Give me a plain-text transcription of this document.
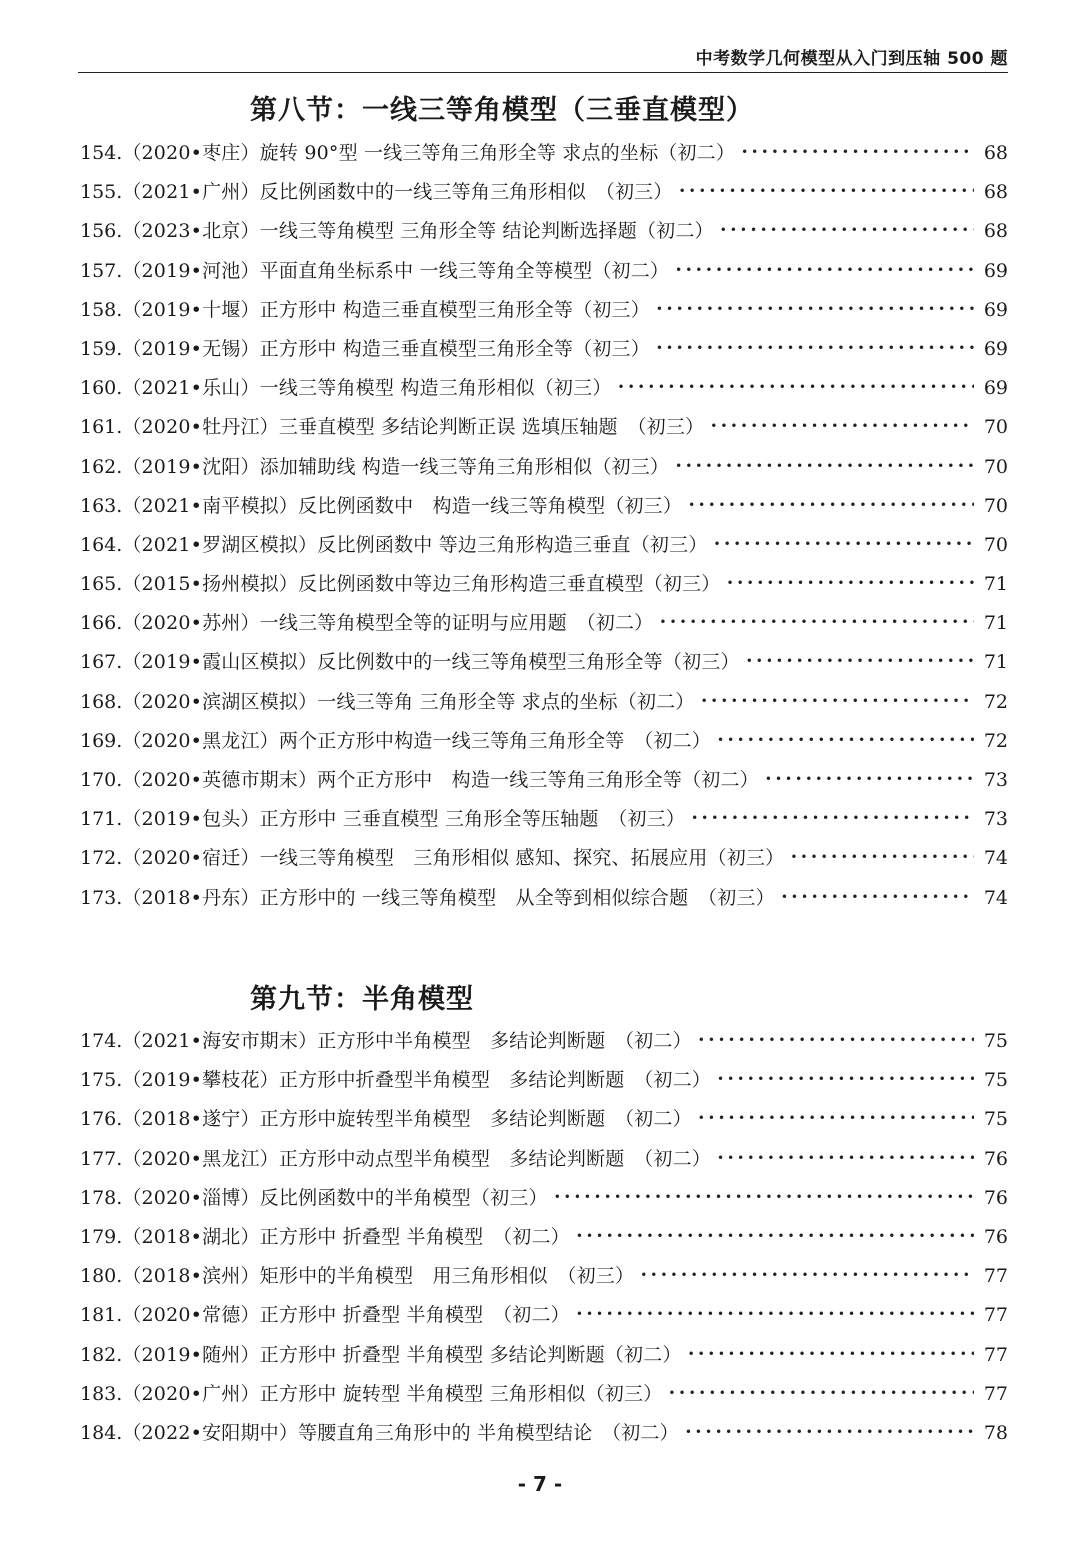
中考数学几何模型从入门到压轴 500 题
第八节：一线三等角模型（三垂直模型）
154. （2020•枣庄）旋转 90°型 一线三等角三角形全等 求点的坐标（初二） •••••	68
155. （2021•广州）反比例函数中的一线三等角三角形相似　（初三） •••••	68
156. （2023•北京）一线三等角模型 三角形全等 结论判断选择题（初二） •••••	68
157. （2019•河池）平面直角坐标系中 一线三等角全等模型（初二） •••••	69
158. （2019•十堰）正方形中 构造三垂直模型三角形全等（初三） •••••	69
159. （2019•无锡）正方形中 构造三垂直模型三角形全等（初三） •••••	69
160. （2021•乐山）一线三等角模型 构造三角形相似（初三） •••••	69
161. （2020•牡丹江）三垂直模型 多结论判断正误 选填压轴题　（初三） •••••	70
162. （2019•沈阳）添加辅助线 构造一线三等角三角形相似（初三） •••••	70
163. （2021•南平模拟）反比例函数中　构造一线三等角模型（初三） •••••	70
164. （2021•罗湖区模拟）反比例函数中 等边三角形构造三垂直（初三） •••••	70
165. （2015•扬州模拟）反比例函数中等边三角形构造三垂直模型（初三） •••••	71
166. （2020•苏州）一线三等角模型全等的证明与应用题　（初二） •••••	71
167. （2019•霞山区模拟）反比例数中的一线三等角模型三角形全等（初三） •••••	71
168. （2020•滨湖区模拟）一线三等角 三角形全等 求点的坐标（初二） •••••	72
169. （2020•黑龙江）两个正方形中构造一线三等角三角形全等　（初二） •••••	72
170. （2020•英德市期末）两个正方形中　构造一线三等角三角形全等（初二） •••••	73
171. （2019•包头）正方形中 三垂直模型 三角形全等压轴题　（初三） •••••	73
172. （2020•宿迁）一线三等角模型　三角形相似 感知、探究、拓展应用（初三） •••••	74
173. （2018•丹东）正方形中的 一线三等角模型　从全等到相似综合题　（初三） •••••	74
第九节：半角模型
174. （2021•海安市期末）正方形中半角模型　多结论判断题　（初二） •••••	75
175. （2019•攀枝花）正方形中折叠型半角模型　多结论判断题　（初二） •••••	75
176. （2018•遂宁）正方形中旋转型半角模型　多结论判断题　（初二） •••••	75
177. （2020•黑龙江）正方形中动点型半角模型　多结论判断题　（初二） •••••	76
178. （2020•淄博）反比例函数中的半角模型（初三） •••••	76
179. （2018•湖北）正方形中 折叠型 半角模型　（初二） •••••	76
180. （2018•滨州）矩形中的半角模型　用三角形相似　（初三） •••••	77
181. （2020•常德）正方形中 折叠型 半角模型　（初二） •••••	77
182. （2019•随州）正方形中 折叠型 半角模型 多结论判断题（初二） •••••	77
183. （2020•广州）正方形中 旋转型 半角模型 三角形相似（初三） •••••	77
184. （2022•安阳期中）等腰直角三角形中的 半角模型结论　（初二） •••••	78
- 7 -
